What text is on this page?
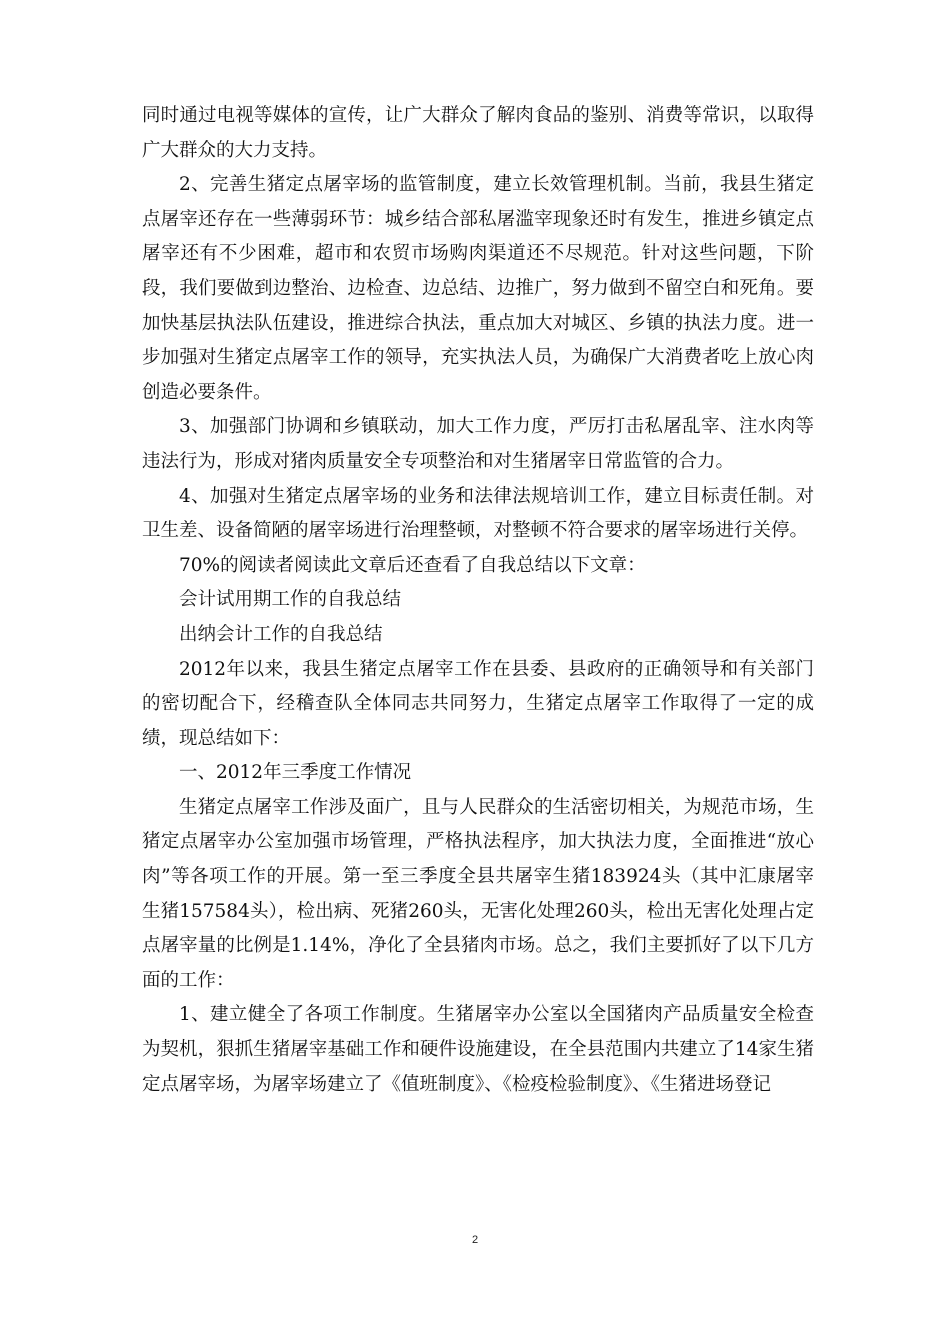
同时通过电视等媒体的宣传，让广大群众了解肉食品的鉴别、消费等常识，以取得广大群众的大力支持。

2、完善生猪定点屠宰场的监管制度，建立长效管理机制。当前，我县生猪定点屠宰还存在一些薄弱环节：城乡结合部私屠滥宰现象还时有发生，推进乡镇定点屠宰还有不少困难，超市和农贸市场购肉渠道还不尽规范。针对这些问题，下阶段，我们要做到边整治、边检查、边总结、边推广，努力做到不留空白和死角。要加快基层执法队伍建设，推进综合执法，重点加大对城区、乡镇的执法力度。进一步加强对生猪定点屠宰工作的领导，充实执法人员，为确保广大消费者吃上放心肉创造必要条件。

3、加强部门协调和乡镇联动，加大工作力度，严厉打击私屠乱宰、注水肉等违法行为，形成对猪肉质量安全专项整治和对生猪屠宰日常监管的合力。

4、加强对生猪定点屠宰场的业务和法律法规培训工作，建立目标责任制。对卫生差、设备简陋的屠宰场进行治理整顿，对整顿不符合要求的屠宰场进行关停。

70%的阅读者阅读此文章后还查看了自我总结以下文章：

会计试用期工作的自我总结

出纳会计工作的自我总结

2012年以来，我县生猪定点屠宰工作在县委、县政府的正确领导和有关部门的密切配合下，经稽查队全体同志共同努力，生猪定点屠宰工作取得了一定的成绩，现总结如下：

一、2012年三季度工作情况

生猪定点屠宰工作涉及面广，且与人民群众的生活密切相关，为规范市场，生猪定点屠宰办公室加强市场管理，严格执法程序，加大执法力度，全面推进“放心肉”等各项工作的开展。第一至三季度全县共屠宰生猪183924头（其中汇康屠宰生猪157584头），检出病、死猪260头，无害化处理260头，检出无害化处理占定点屠宰量的比例是1.14%，净化了全县猪肉市场。总之，我们主要抓好了以下几方面的工作：

1、建立健全了各项工作制度。生猪屠宰办公室以全国猪肉产品质量安全检查为契机，狠抓生猪屠宰基础工作和硬件设施建设，在全县范围内共建立了14家生猪定点屠宰场，为屠宰场建立了《值班制度》、《检疫检验制度》、《生猪进场登记

2
